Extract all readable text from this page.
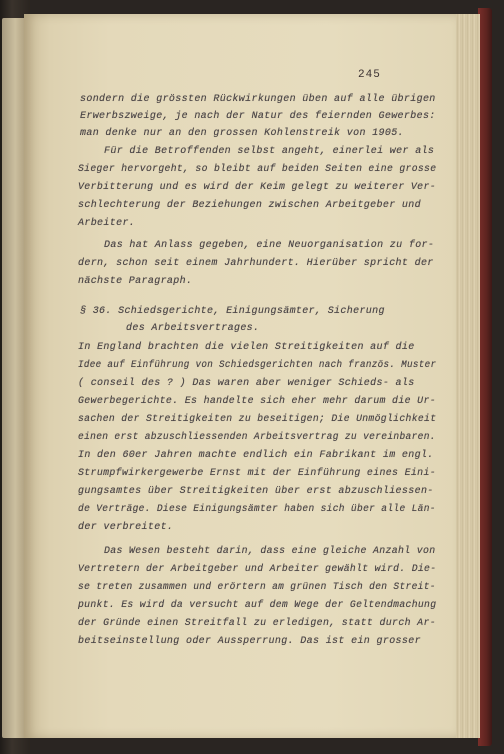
245
sondern die grössten Rückwirkungen üben auf alle übrigen
Erwerbszweige, je nach der Natur des feiernden Gewerbes:
man denke nur an den grossen Kohlenstreik von 1905.
Für die Betroffenden selbst angeht, einerlei wer als
Sieger hervorgeht, so bleibt auf beiden Seiten eine grosse
Verbitterung und es wird der Keim gelegt zu weiterer Ver-
schlechterung der Beziehungen zwischen Arbeitgeber und
Arbeiter.
Das hat Anlass gegeben, eine Neuorganisation zu for-
dern, schon seit einem Jahrhundert. Hierüber spricht der
nächste Paragraph.
§ 36. Schiedsgerichte, Einigungsämter, Sicherung
des Arbeitsvertrages.
In England brachten die vielen Streitigkeiten auf die
Idee auf Einführung von Schiedsgerichten nach französ. Muster
( conseil des ? ) Das waren aber weniger Schieds- als
Gewerbegerichte. Es handelte sich eher mehr darum die Ur-
sachen der Streitigkeiten zu beseitigen; Die Unmöglichkeit
einen erst abzuschliessenden Arbeitsvertrag zu vereinbaren.
In den 60er Jahren machte endlich ein Fabrikant im engl.
Strumpfwirkergewerbe Ernst mit der Einführung eines Eini-
gungsamtes über Streitigkeiten über erst abzuschliessen-
de Verträge. Diese Einigungsämter haben sich über alle Län-
der verbreitet.
Das Wesen besteht darin, dass eine gleiche Anzahl von
Vertretern der Arbeitgeber und Arbeiter gewählt wird. Die-
se treten zusammen und erörtern am grünen Tisch den Streit-
punkt. Es wird da versucht auf dem Wege der Geltendmachung
der Gründe einen Streitfall zu erledigen, statt durch Ar-
beitseinstellung oder Aussperrung. Das ist ein grosser
